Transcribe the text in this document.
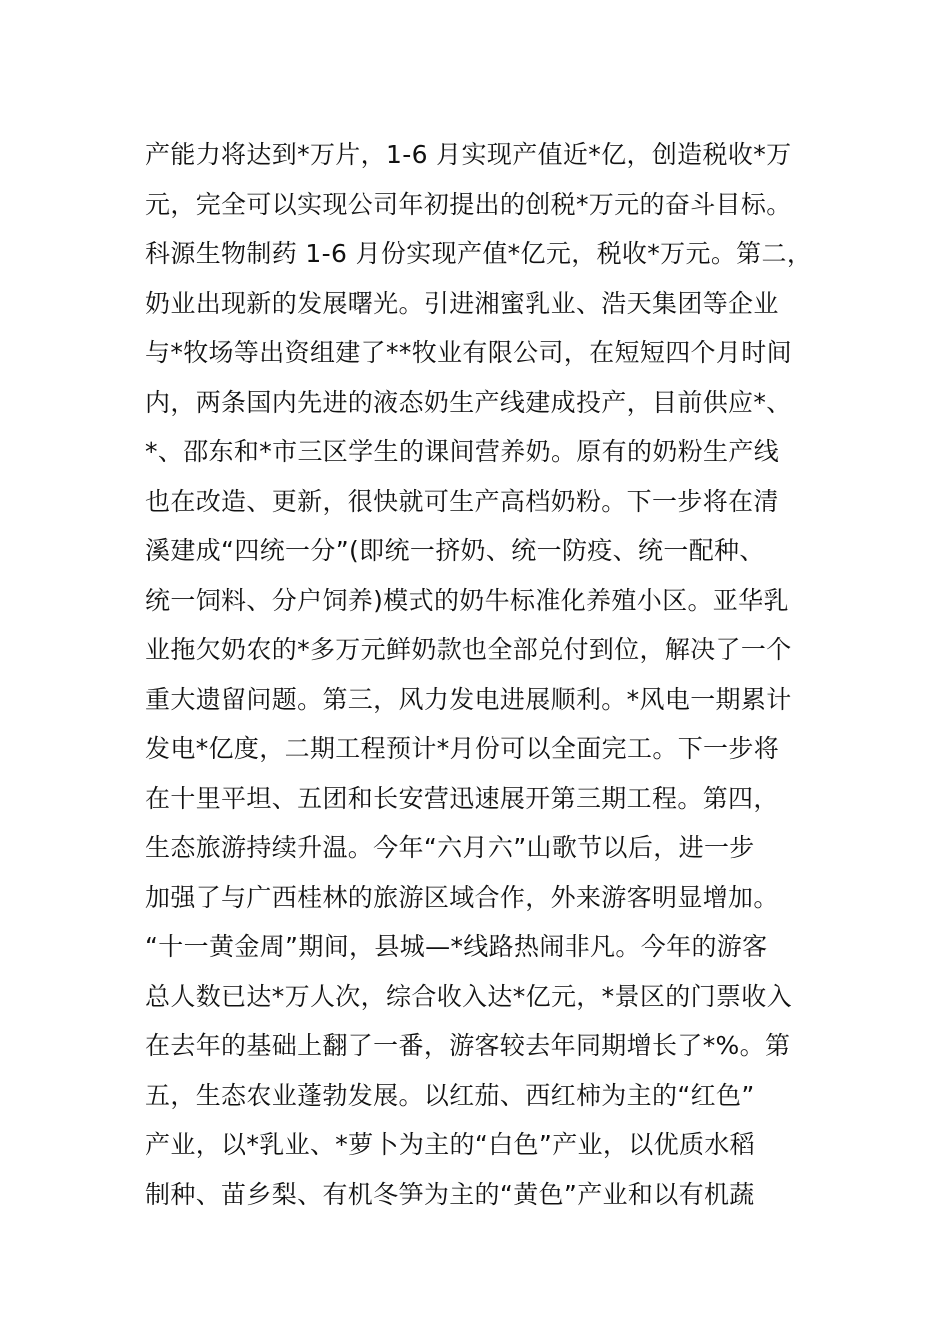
产能力将达到*万片，1-6 月实现产值近*亿，创造税收*万
元，完全可以实现公司年初提出的创税*万元的奋斗目标。
科源生物制药 1-6 月份实现产值*亿元，税收*万元。第二，
奶业出现新的发展曙光。引进湘蜜乳业、浩天集团等企业
与*牧场等出资组建了**牧业有限公司，在短短四个月时间
内，两条国内先进的液态奶生产线建成投产，目前供应*、
*、邵东和*市三区学生的课间营养奶。原有的奶粉生产线
也在改造、更新，很快就可生产高档奶粉。下一步将在清
溪建成“四统一分”(即统一挤奶、统一防疫、统一配种、
统一饲料、分户饲养)模式的奶牛标准化养殖小区。亚华乳
业拖欠奶农的*多万元鲜奶款也全部兑付到位，解决了一个
重大遗留问题。第三，风力发电进展顺利。*风电一期累计
发电*亿度，二期工程预计*月份可以全面完工。下一步将
在十里平坦、五团和长安营迅速展开第三期工程。第四，
生态旅游持续升温。今年“六月六”山歌节以后，进一步
加强了与广西桂林的旅游区域合作，外来游客明显增加。
“十一黄金周”期间，县城—*线路热闹非凡。今年的游客
总人数已达*万人次，综合收入达*亿元，*景区的门票收入
在去年的基础上翻了一番，游客较去年同期增长了*%。第
五，生态农业蓬勃发展。以红茄、西红柿为主的“红色”
产业，以*乳业、*萝卜为主的“白色”产业，以优质水稻
制种、苗乡梨、有机冬笋为主的“黄色”产业和以有机蔬
